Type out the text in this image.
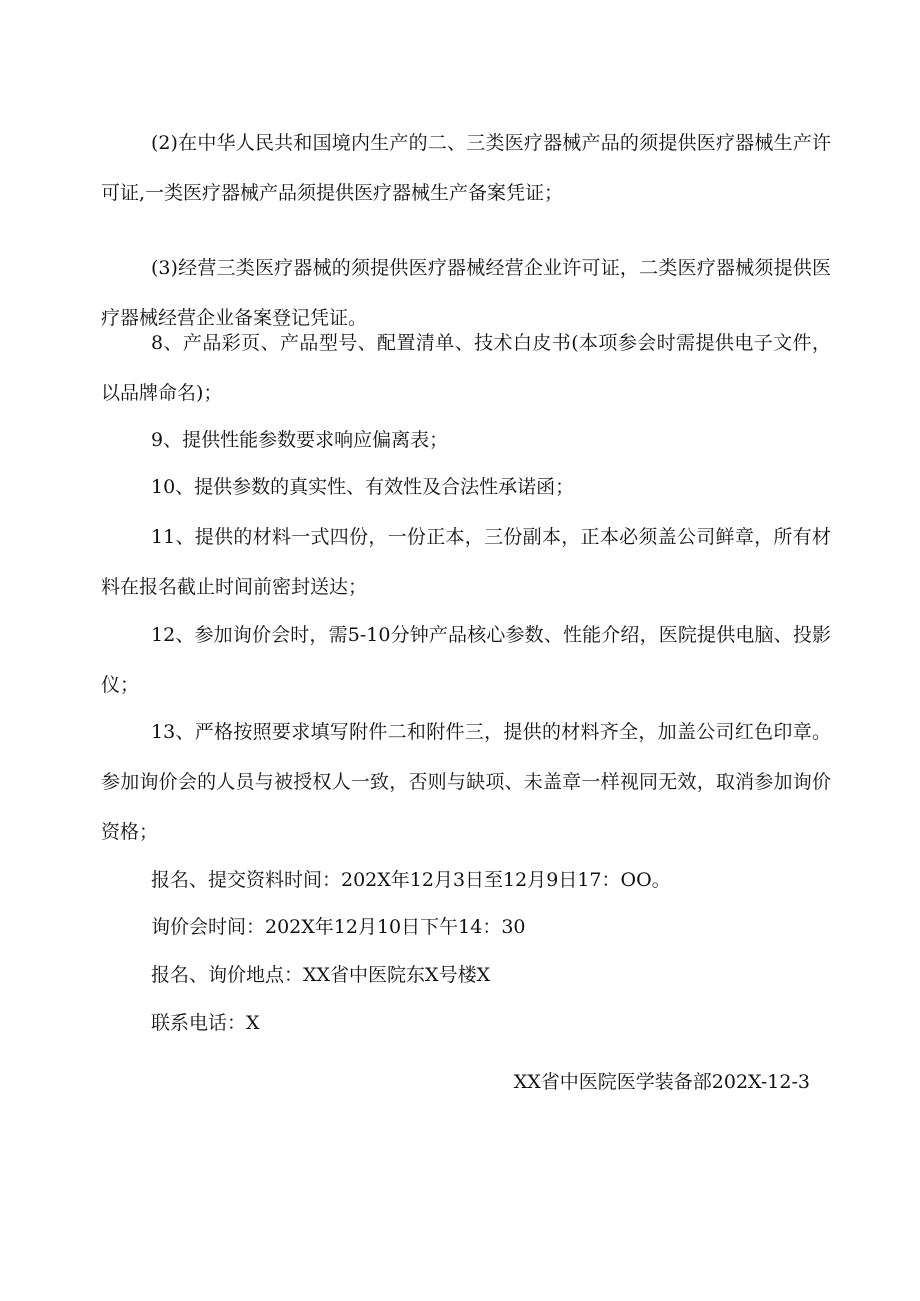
(2)在中华人民共和国境内生产的二、三类医疗器械产品的须提供医疗器械生产许可证,一类医疗器械产品须提供医疗器械生产备案凭证；

(3)经营三类医疗器械的须提供医疗器械经营企业许可证，二类医疗器械须提供医疗器械经营企业备案登记凭证。

8、产品彩页、产品型号、配置清单、技术白皮书(本项参会时需提供电子文件，以品牌命名)；

9、提供性能参数要求响应偏离表；

10、提供参数的真实性、有效性及合法性承诺函；

11、提供的材料一式四份，一份正本，三份副本，正本必须盖公司鲜章，所有材料在报名截止时间前密封送达；

12、参加询价会时，需5-10分钟产品核心参数、性能介绍，医院提供电脑、投影仪；

13、严格按照要求填写附件二和附件三，提供的材料齐全，加盖公司红色印章。参加询价会的人员与被授权人一致，否则与缺项、未盖章一样视同无效，取消参加询价资格；

报名、提交资料时间：202X年12月3日至12月9日17：OO。

询价会时间：202X年12月10日下午14：30

报名、询价地点：XX省中医院东X号楼X

联系电话：X

XX省中医院医学装备部202X-12-3
